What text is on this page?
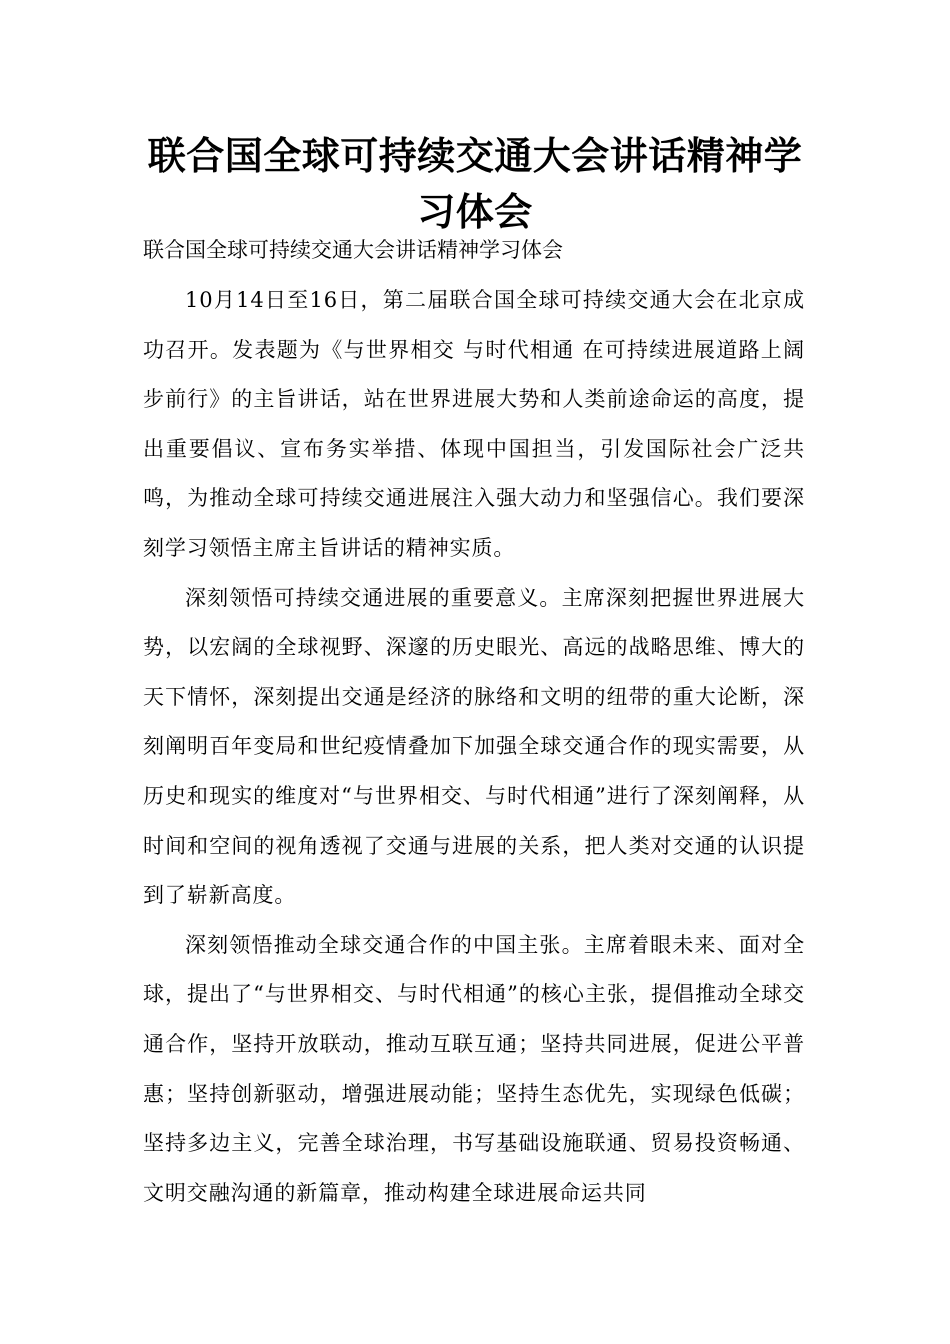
联合国全球可持续交通大会讲话精神学习体会

联合国全球可持续交通大会讲话精神学习体会

10月14日至16日，第二届联合国全球可持续交通大会在北京成功召开。发表题为《与世界相交 与时代相通 在可持续进展道路上阔步前行》的主旨讲话，站在世界进展大势和人类前途命运的高度，提出重要倡议、宣布务实举措、体现中国担当，引发国际社会广泛共鸣，为推动全球可持续交通进展注入强大动力和坚强信心。我们要深刻学习领悟主席主旨讲话的精神实质。

深刻领悟可持续交通进展的重要意义。主席深刻把握世界进展大势，以宏阔的全球视野、深邃的历史眼光、高远的战略思维、博大的天下情怀，深刻提出交通是经济的脉络和文明的纽带的重大论断，深刻阐明百年变局和世纪疫情叠加下加强全球交通合作的现实需要，从历史和现实的维度对“与世界相交、与时代相通”进行了深刻阐释，从时间和空间的视角透视了交通与进展的关系，把人类对交通的认识提到了崭新高度。

深刻领悟推动全球交通合作的中国主张。主席着眼未来、面对全球，提出了“与世界相交、与时代相通”的核心主张，提倡推动全球交通合作，坚持开放联动，推动互联互通；坚持共同进展，促进公平普惠；坚持创新驱动，增强进展动能；坚持生态优先，实现绿色低碳；坚持多边主义，完善全球治理，书写基础设施联通、贸易投资畅通、文明交融沟通的新篇章，推动构建全球进展命运共同
